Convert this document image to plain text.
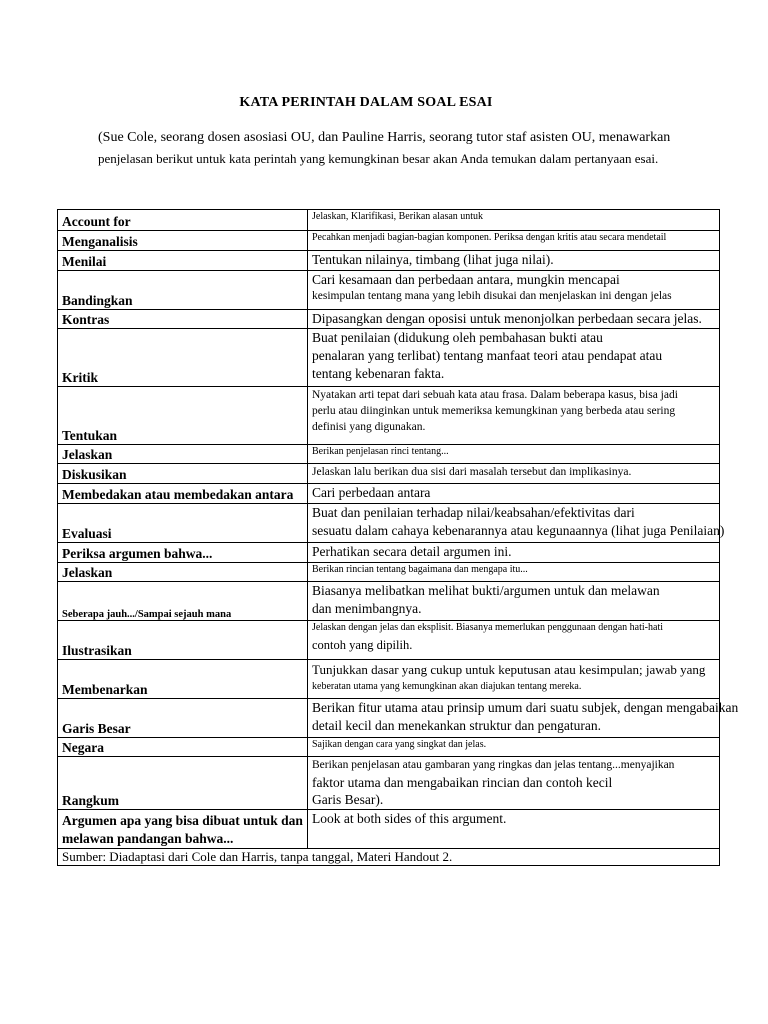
KATA PERINTAH DALAM SOAL ESAI
(Sue Cole, seorang dosen asosiasi OU, dan Pauline Harris, seorang tutor staf asisten OU, menawarkan
penjelasan berikut untuk kata perintah yang kemungkinan besar akan Anda temukan dalam pertanyaan esai.
Account for	Jelaskan, Klarifikasi, Berikan alasan untuk

Menganalisis	Pecahkan menjadi bagian-bagian komponen. Periksa dengan kritis atau secara mendetail

Menilai	Tentukan nilainya, timbang (lihat juga nilai).

Bandingkan	Cari kesamaan dan perbedaan antara, mungkin mencapai
kesimpulan tentang mana yang lebih disukai dan menjelaskan ini dengan jelas

Kontras	Dipasangkan dengan oposisi untuk menonjolkan perbedaan secara jelas.

Kritik	Buat penilaian (didukung oleh pembahasan bukti atau
penalaran yang terlibat) tentang manfaat teori atau pendapat atau
tentang kebenaran fakta.

Tentukan	Nyatakan arti tepat dari sebuah kata atau frasa. Dalam beberapa kasus, bisa jadi
perlu atau diinginkan untuk memeriksa kemungkinan yang berbeda atau sering
definisi yang digunakan.

Jelaskan	Berikan penjelasan rinci tentang...

Diskusikan	Jelaskan lalu berikan dua sisi dari masalah tersebut dan implikasinya.

Membedakan atau membedakan antara	Cari perbedaan antara

Evaluasi	Buat dan penilaian terhadap nilai/keabsahan/efektivitas dari
sesuatu dalam cahaya kebenarannya atau kegunaannya (lihat juga Penilaian)

Periksa argumen bahwa...	Perhatikan secara detail argumen ini.

Jelaskan	Berikan rincian tentang bagaimana dan mengapa itu...

Seberapa jauh.../Sampai sejauh mana	Biasanya melibatkan melihat bukti/argumen untuk dan melawan
dan menimbangnya.

Ilustrasikan	Jelaskan dengan jelas dan eksplisit. Biasanya memerlukan penggunaan dengan hati-hati
contoh yang dipilih.

Membenarkan	Tunjukkan dasar yang cukup untuk keputusan atau kesimpulan; jawab yang
keberatan utama yang kemungkinan akan diajukan tentang mereka.

Garis Besar	Berikan fitur utama atau prinsip umum dari suatu subjek, dengan mengabaikan
detail kecil dan menekankan struktur dan pengaturan.

Negara	Sajikan dengan cara yang singkat dan jelas.

Rangkum	Berikan penjelasan atau gambaran yang ringkas dan jelas tentang...menyajikan
faktor utama dan mengabaikan rincian dan contoh kecil
Garis Besar).

Argumen apa yang bisa dibuat untuk dan melawan pandangan bahwa...	Look at both sides of this argument.

Sumber: Diadaptasi dari Cole dan Harris, tanpa tanggal, Materi Handout 2.	
